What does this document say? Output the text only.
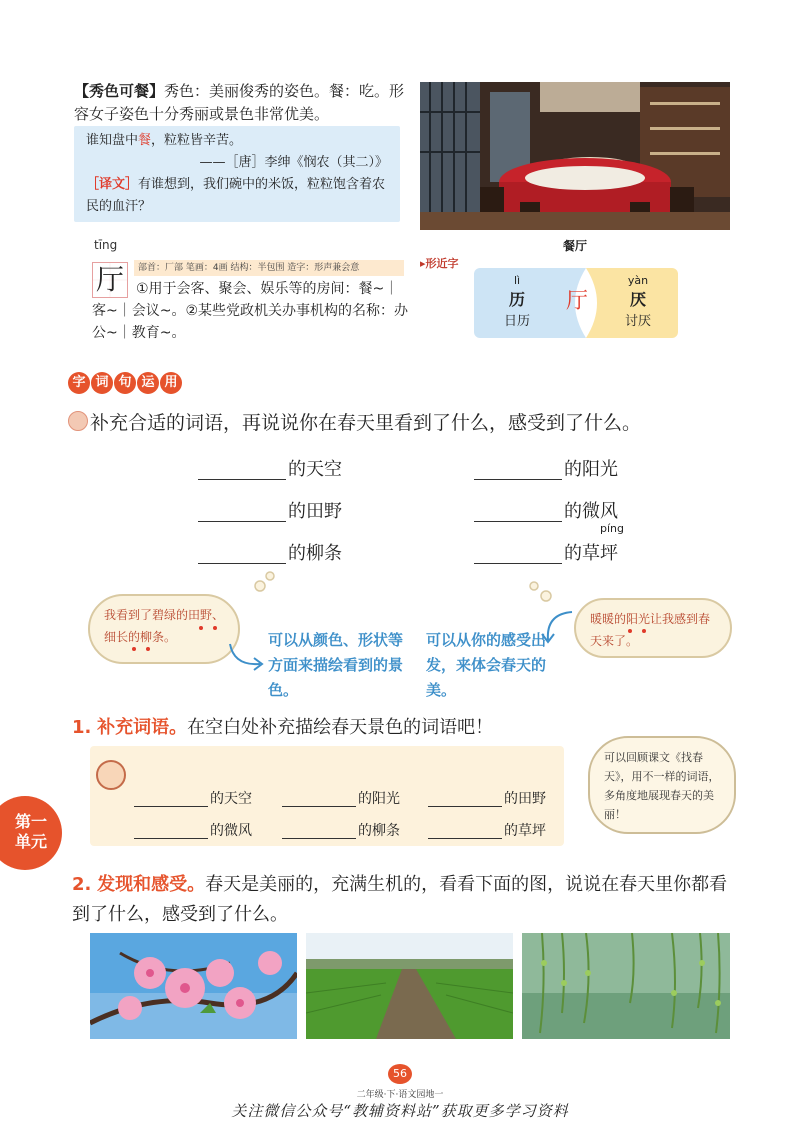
【秀色可餐】秀色：美丽俊秀的姿色。餐：吃。形容女子姿色十分秀丽或景色非常优美。
谁知盘中餐，粒粒皆辛苦。
——［唐］李绅《悯农（其二）》
［译文］有谁想到，我们碗中的米饭，粒粒饱含着农民的血汗？
tīng
厅	部首：厂部 笔画：4画 结构：半包围 造字：形声兼会意
①用于会客、聚会、娱乐等的房间：餐~｜客~｜会议~。②某些党政机关办事机构的名称：办公~｜教育~。
餐厅
▸形近字
lì
历
日历
厅
yàn
厌
讨厌
字 词 句 运 用
补充合适的词语，再说说你在春天里看到了什么，感受到了什么。
的天空	的阳光
的田野	的微风
píng
的柳条	的草坪
我看到了碧绿的田野、细长的柳条。	可以从颜色、形状等方面来描绘看到的景色。
可以从你的感受出发，来体会春天的美。
暖暖的阳光让我感到春天来了。
1. 补充词语。在空白处补充描绘春天景色的词语吧！
的天空	的阳光	的田野
的微风	的柳条	的草坪
可以回顾课文《找春天》，用不一样的词语，多角度地展现春天的美丽！
第一
单元
2. 发现和感受。春天是美丽的，充满生机的，看看下面的图，说说在春天里你都看到了什么，感受到了什么。
56
二年级·下·语文园地一
关注微信公众号“教辅资料站”获取更多学习资料
